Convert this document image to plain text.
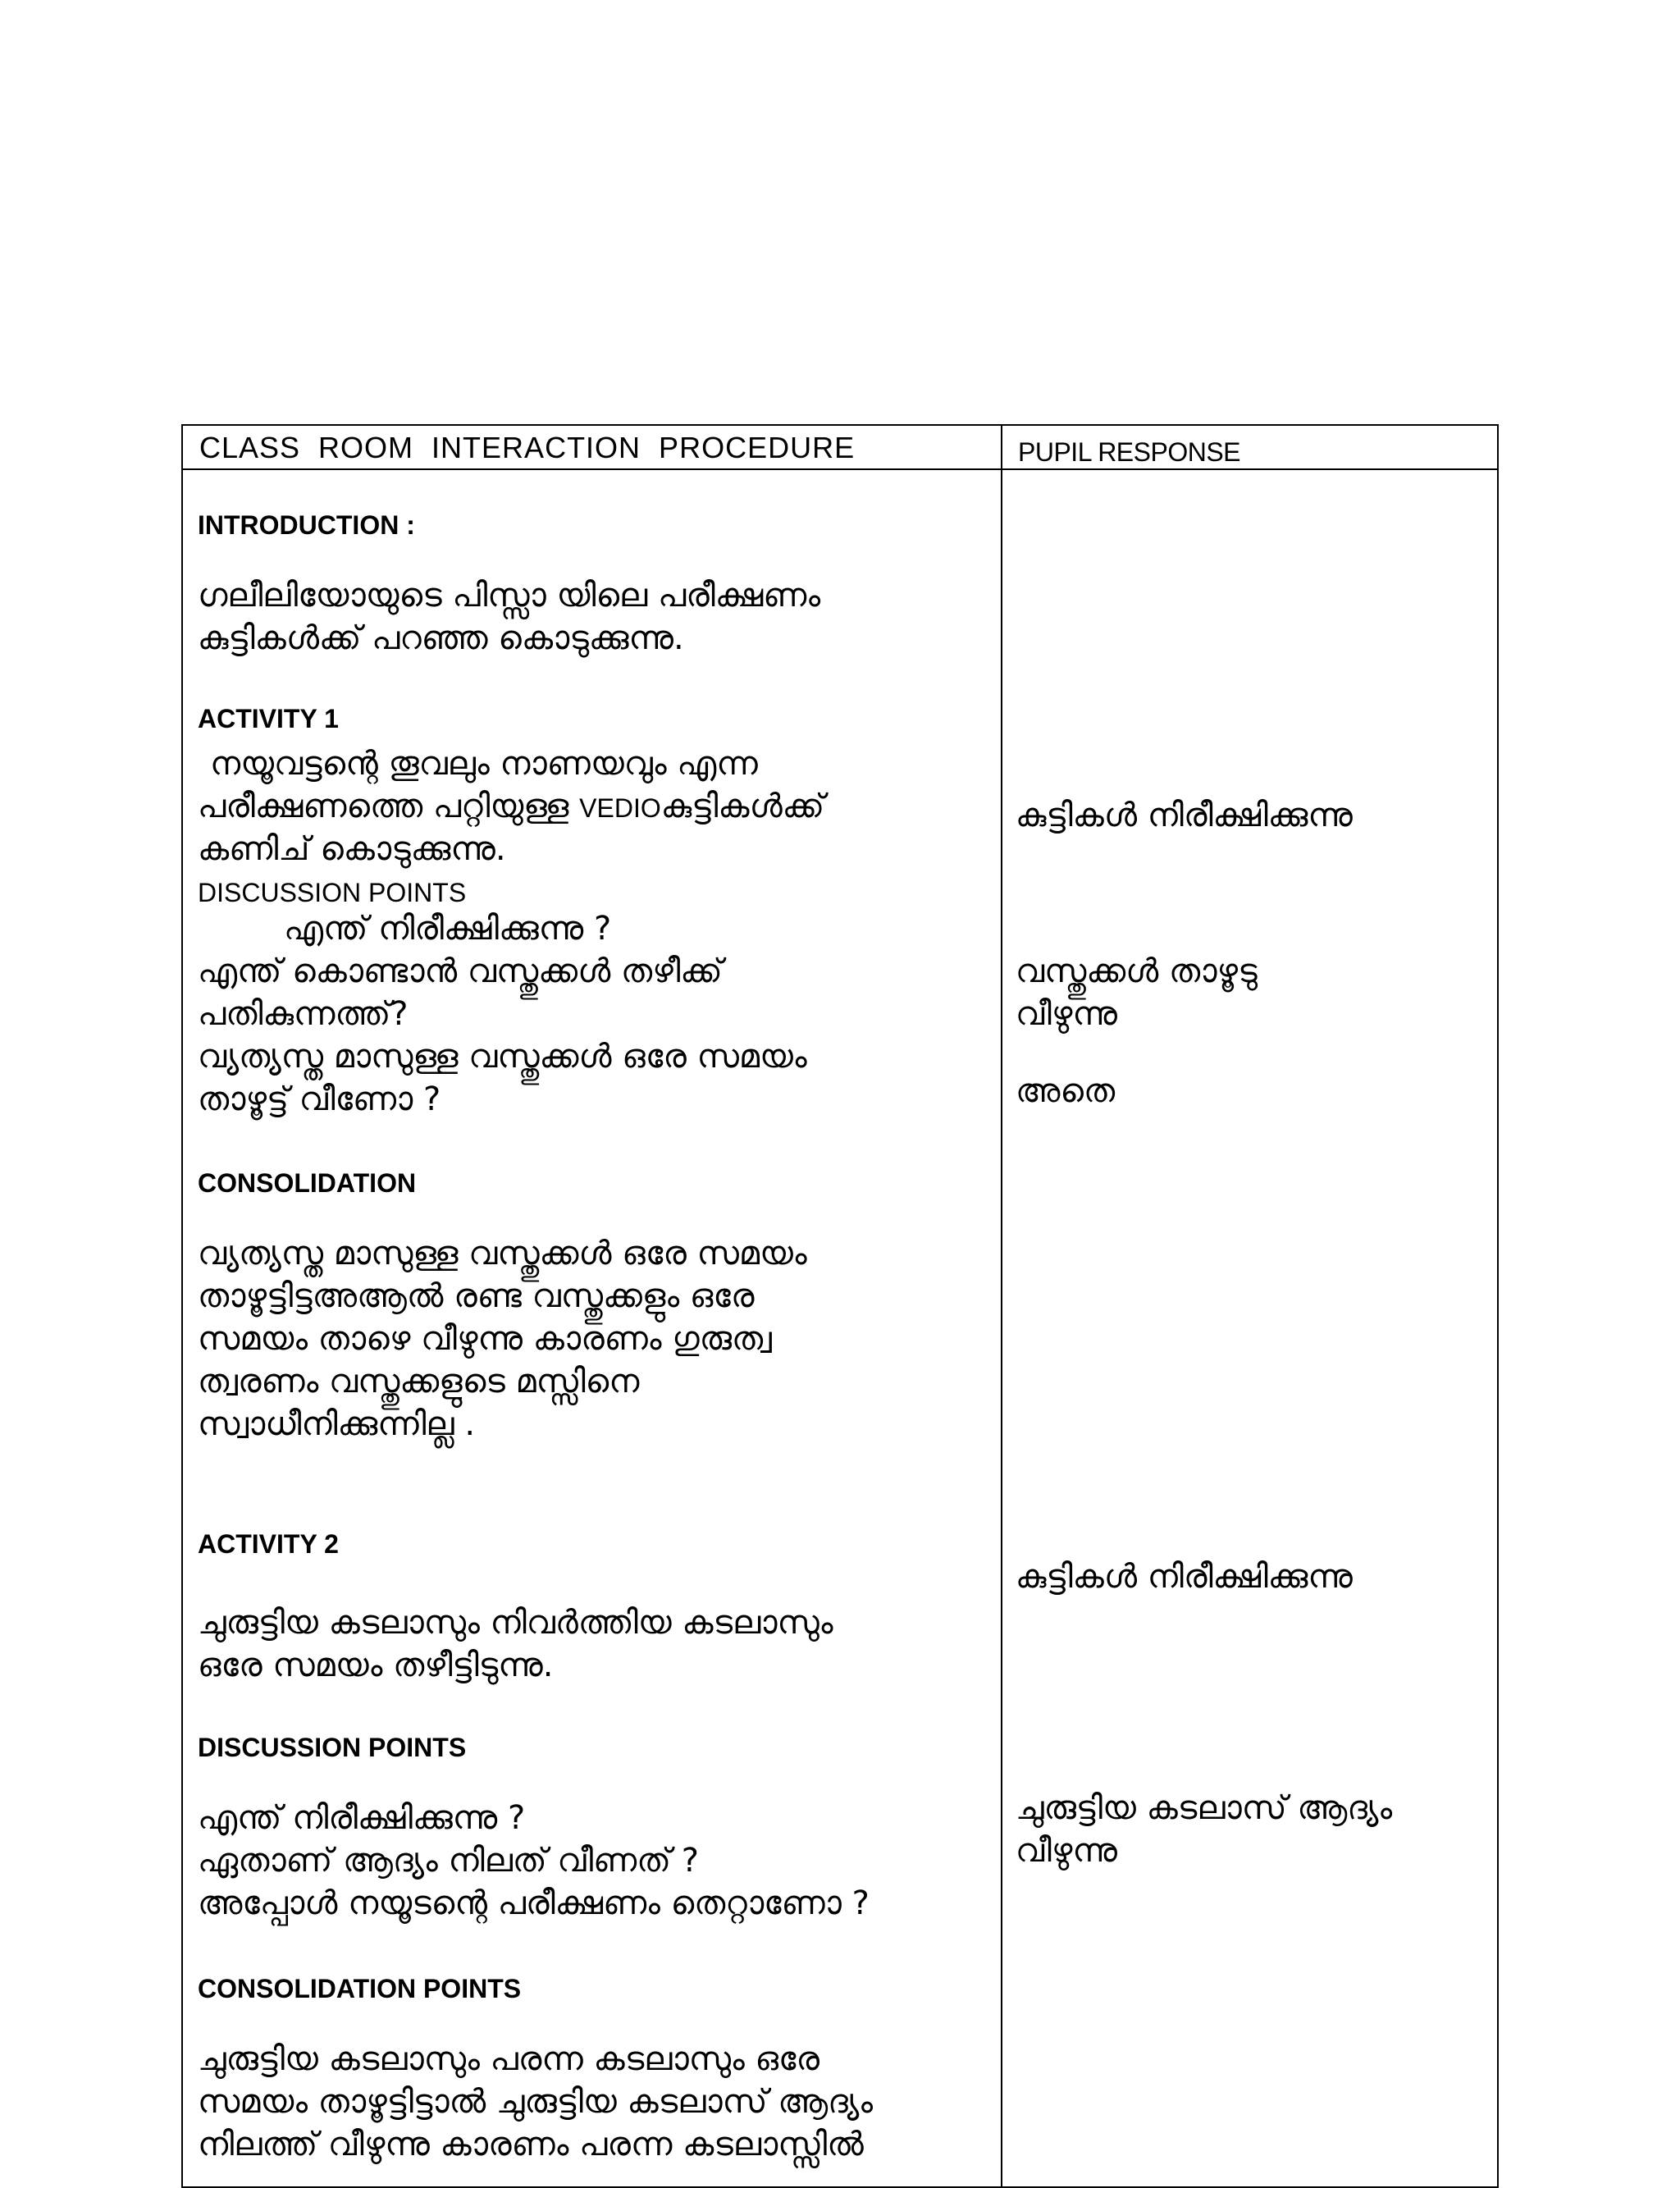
CLASS  ROOM  INTERACTION  PROCEDURE	PUPIL RESPONSE
INTRODUCTION :
ഗലീലിയോയുടെ പിസ്സാ യിലെ പരീക്ഷണം
കുട്ടികൾക്ക് പറഞ്ഞ കൊടുക്കുന്നു.
ACTIVITY 1
നയൂവട്ടന്റെ തൂവലും നാണയവും എന്ന
പരീക്ഷണത്തെ പറ്റിയുള്ള VEDIOകുട്ടികൾക്ക്
കണിച് കൊടുക്കുന്നു.
DISCUSSION POINTS
എന്ത് നിരീക്ഷിക്കുന്നു ?
എന്ത് കൊണ്ടാൻ വസ്തുക്കൾ തഴീക്ക്
പതികുന്നത്ത്?
വ്യത്യസ്ത മാസുള്ള വസ്തുക്കൾ ഒരേ സമയം
താഴൂട്ട് വീണോ ?
CONSOLIDATION
വ്യത്യസ്ത മാസുള്ള വസ്തുക്കൾ ഒരേ സമയം
താഴൂട്ടിട്ടഅആൽ രണ്ട വസ്തുക്കളും ഒരേ
സമയം താഴെ വീഴുന്നു കാരണം ഗുരുത്വ
ത്വരണം വസ്തുക്കളുടെ മസ്സിനെ
സ്വാധീനിക്കുന്നില്ല .
ACTIVITY 2
ചുരുട്ടിയ കടലാസും നിവർത്തിയ കടലാസും
ഒരേ സമയം തഴീട്ടിടുന്നു.
DISCUSSION POINTS
എന്ത് നിരീക്ഷിക്കുന്നു ?
ഏതാണ് ആദ്യം നിലത് വീണത് ?
അപ്പോൾ നയൂടന്റെ പരീക്ഷണം തെറ്റാണോ ?
CONSOLIDATION POINTS
ചുരുട്ടിയ കടലാസും പരന്ന കടലാസും ഒരേ
സമയം താഴൂട്ടിട്ടാൽ ചുരുട്ടിയ കടലാസ് ആദ്യം
നിലത്ത് വീഴുന്നു കാരണം പരന്ന കടലാസ്സിൽ
കുട്ടികൾ നിരീക്ഷിക്കുന്നു
വസ്തുക്കൾ താഴൂടു
വീഴുന്നു
അതെ
കുട്ടികൾ നിരീക്ഷിക്കുന്നു
ചുരുട്ടിയ കടലാസ് ആദ്യം
വീഴുന്നു
